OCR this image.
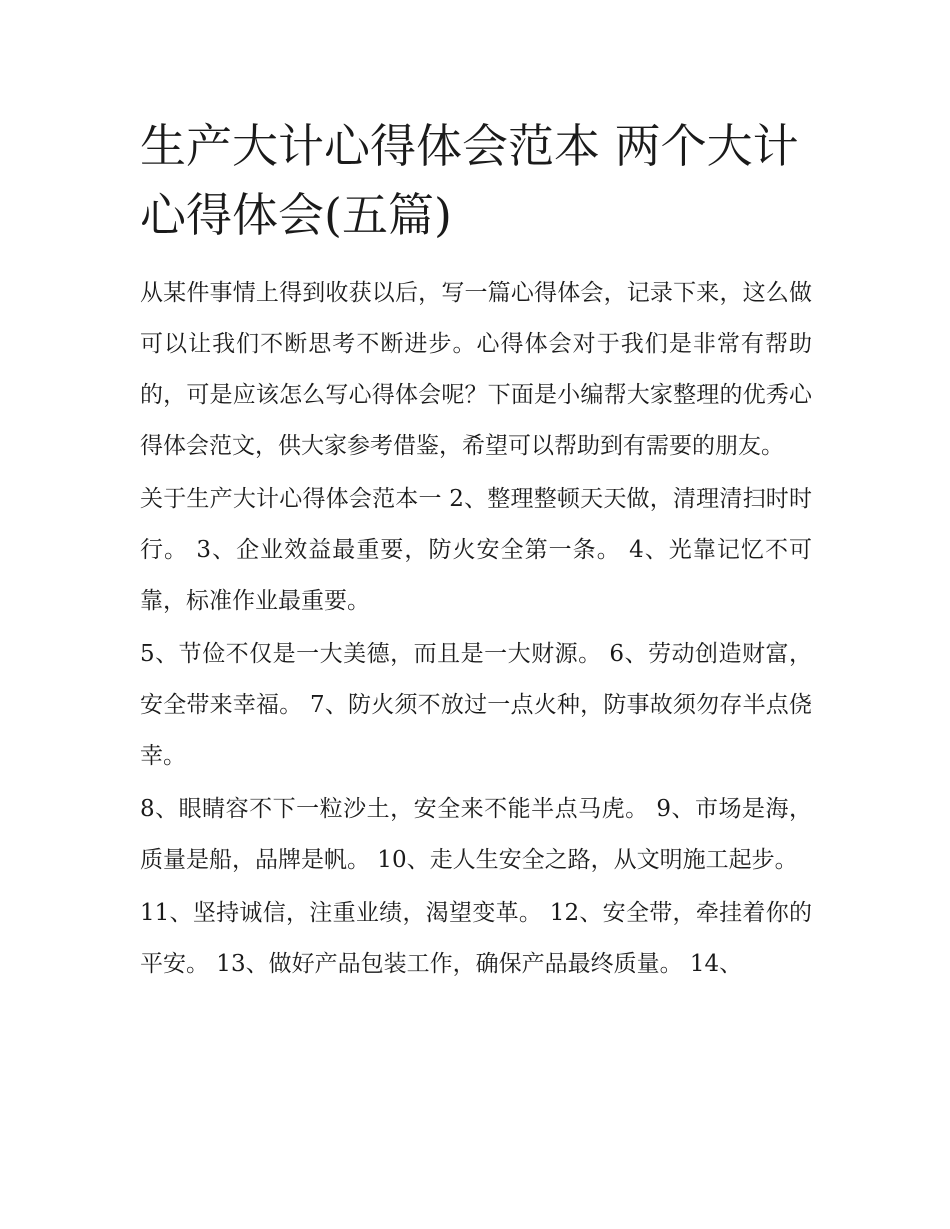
生产大计心得体会范本 两个大计心得体会(五篇)

从某件事情上得到收获以后，写一篇心得体会，记录下来，这么做可以让我们不断思考不断进步。心得体会对于我们是非常有帮助的，可是应该怎么写心得体会呢？下面是小编帮大家整理的优秀心得体会范文，供大家参考借鉴，希望可以帮助到有需要的朋友。

关于生产大计心得体会范本一 2、整理整顿天天做，清理清扫时时行。 3、企业效益最重要，防火安全第一条。 4、光靠记忆不可靠，标准作业最重要。

5、节俭不仅是一大美德，而且是一大财源。 6、劳动创造财富，安全带来幸福。 7、防火须不放过一点火种，防事故须勿存半点侥幸。

8、眼睛容不下一粒沙土，安全来不能半点马虎。 9、市场是海，质量是船，品牌是帆。 10、走人生安全之路，从文明施工起步。

11、坚持诚信，注重业绩，渴望变革。 12、安全带，牵挂着你的平安。 13、做好产品包装工作，确保产品最终质量。 14、
